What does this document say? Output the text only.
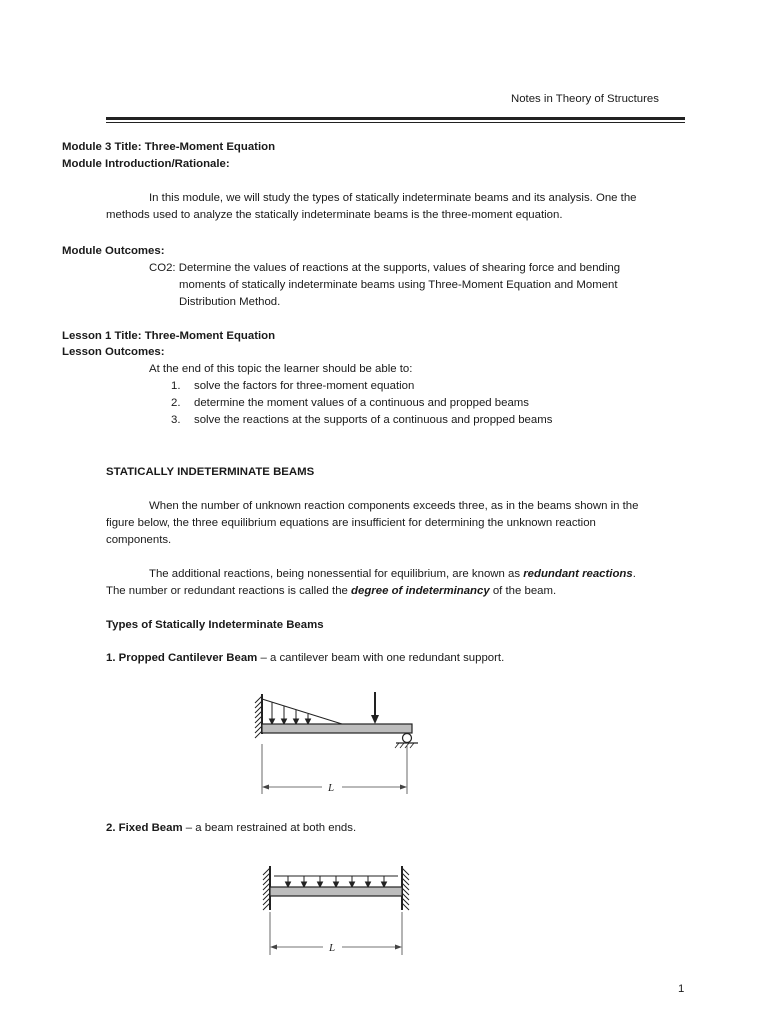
Notes in Theory of Structures
Module 3 Title: Three-Moment Equation
Module Introduction/Rationale:
In this module, we will study the types of statically indeterminate beams and its analysis. One the
methods used to analyze the statically indeterminate beams is the three-moment equation.
Module Outcomes:
CO2: Determine the values of reactions at the supports, values of shearing force and bending
moments of statically indeterminate beams using Three-Moment Equation and Moment
Distribution Method.
Lesson 1 Title: Three-Moment Equation
Lesson Outcomes:
At the end of this topic the learner should be able to:
1. solve the factors for three-moment equation
2. determine the moment values of a continuous and propped beams
3. solve the reactions at the supports of a continuous and propped beams
STATICALLY INDETERMINATE BEAMS
When the number of unknown reaction components exceeds three, as in the beams shown in the
figure below, the three equilibrium equations are insufficient for determining the unknown reaction
components.
The additional reactions, being nonessential for equilibrium, are known as redundant reactions.
The number or redundant reactions is called the degree of indeterminancy of the beam.
Types of Statically Indeterminate Beams
1. Propped Cantilever Beam – a cantilever beam with one redundant support.
L
2. Fixed Beam – a beam restrained at both ends.
L
1
